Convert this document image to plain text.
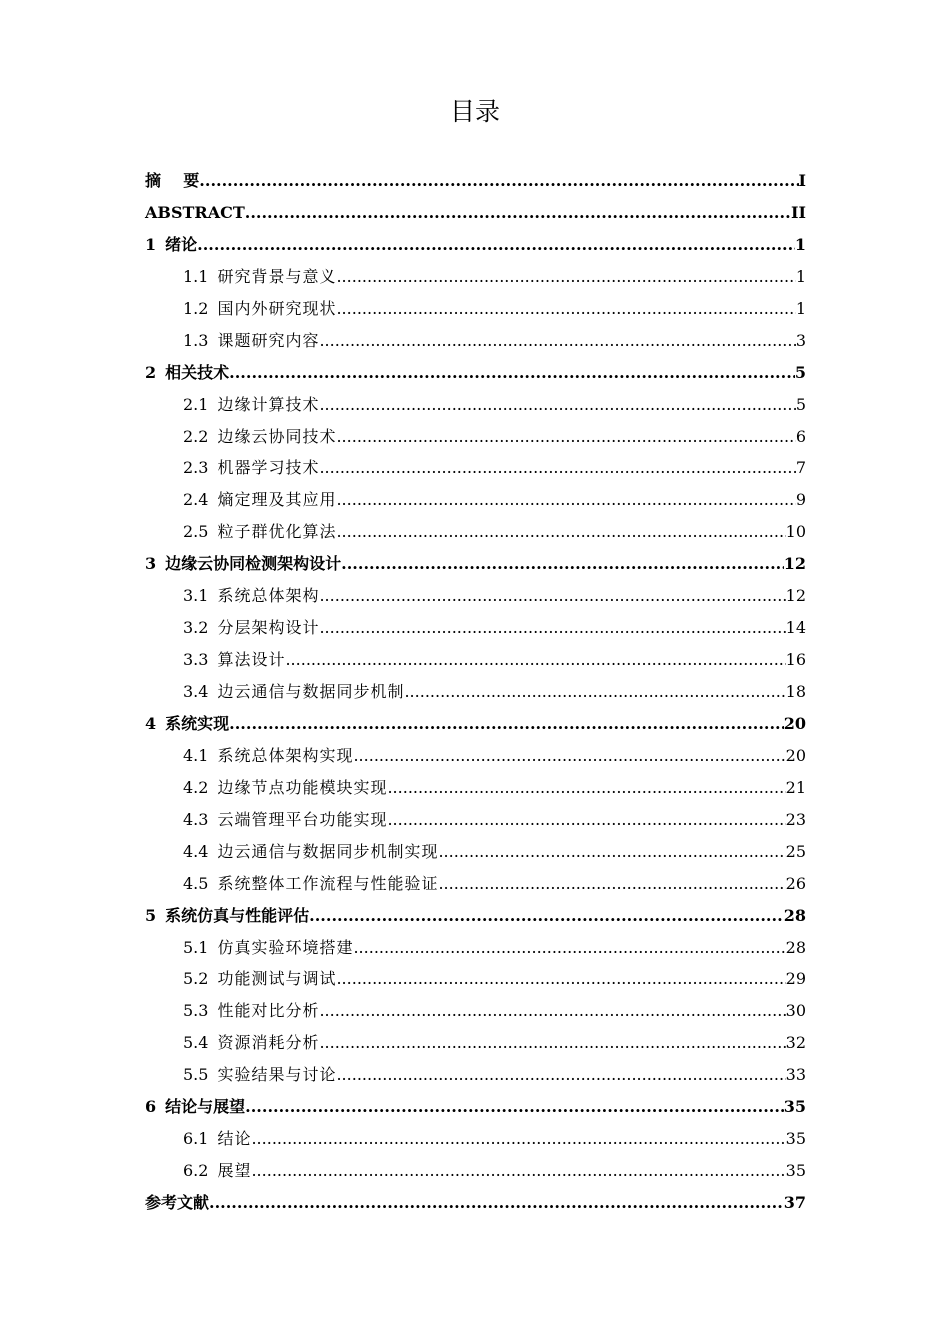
目录
摘    要 .....	I
ABSTRACT .....	II
1 绪论 .....	1
1.1 研究背景与意义 .....	1
1.2 国内外研究现状 .....	1
1.3 课题研究内容 .....	3
2 相关技术 .....	5
2.1 边缘计算技术 .....	5
2.2 边缘云协同技术 .....	6
2.3 机器学习技术 .....	7
2.4 熵定理及其应用 .....	9
2.5 粒子群优化算法 .....	10
3 边缘云协同检测架构设计 .....	12
3.1 系统总体架构 .....	12
3.2 分层架构设计 .....	14
3.3 算法设计 .....	16
3.4 边云通信与数据同步机制 .....	18
4 系统实现 .....	20
4.1 系统总体架构实现 .....	20
4.2 边缘节点功能模块实现 .....	21
4.3 云端管理平台功能实现 .....	23
4.4 边云通信与数据同步机制实现 .....	25
4.5 系统整体工作流程与性能验证 .....	26
5 系统仿真与性能评估 .....	28
5.1 仿真实验环境搭建 .....	28
5.2 功能测试与调试 .....	29
5.3 性能对比分析 .....	30
5.4 资源消耗分析 .....	32
5.5 实验结果与讨论 .....	33
6 结论与展望 .....	35
6.1 结论 .....	35
6.2 展望 .....	35
参考文献 .....	37
